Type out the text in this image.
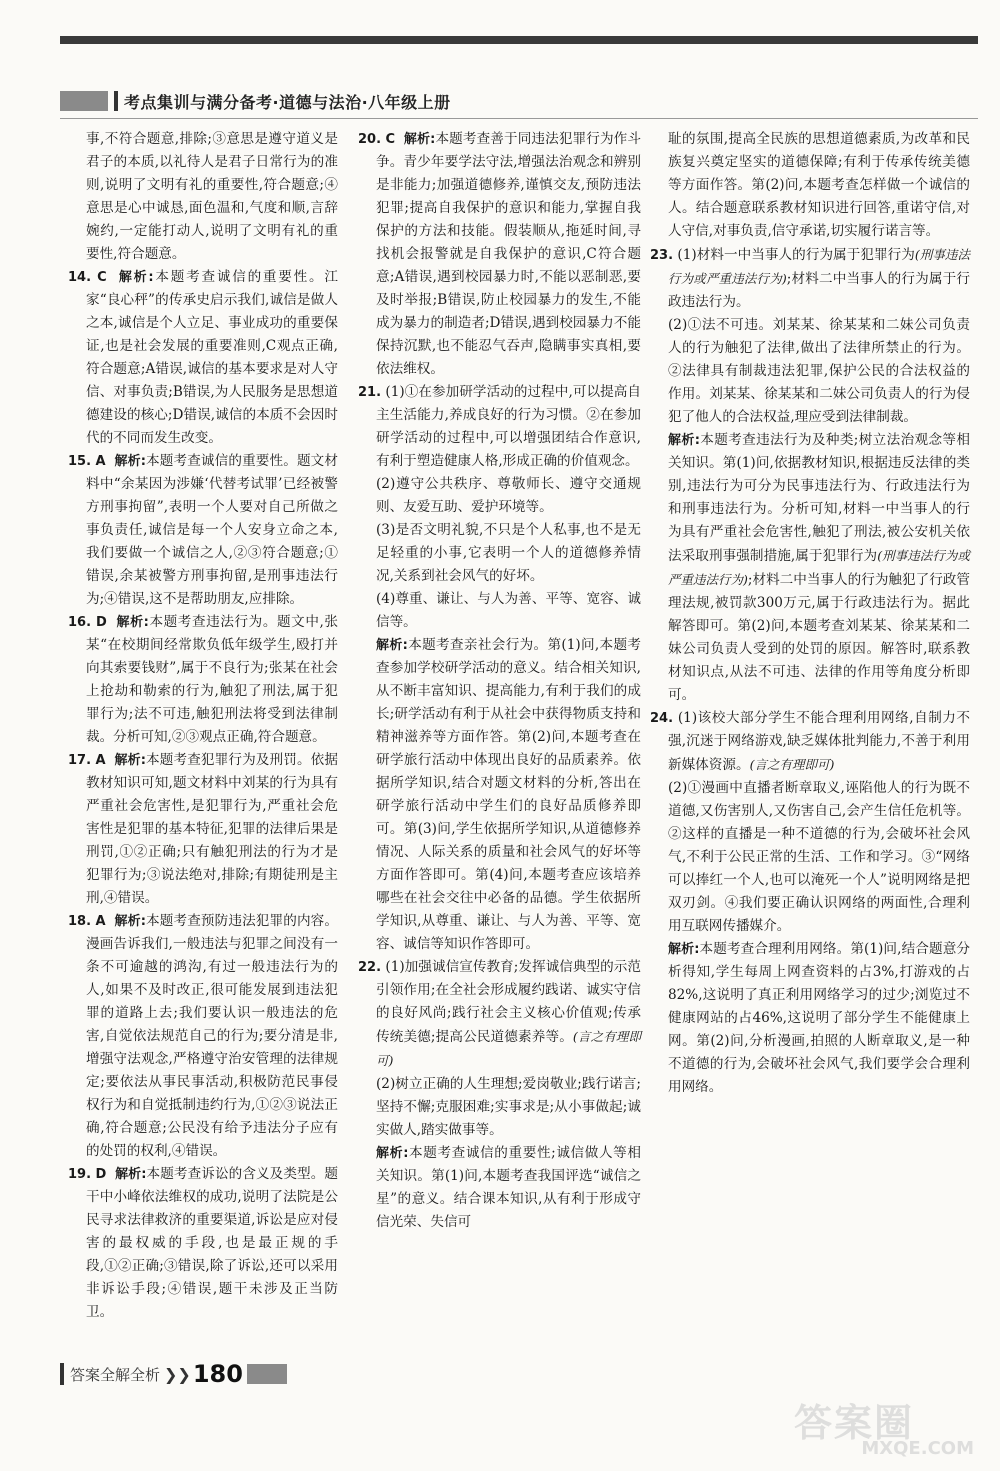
考点集训与满分备考·道德与法治·八年级上册

事,不符合题意,排除;③意思是遵守道义是君子的本质,以礼待人是君子日常行为的准则,说明了文明有礼的重要性,符合题意;④意思是心中诚恳,面色温和,气度和顺,言辞婉约,一定能打动人,说明了文明有礼的重要性,符合题意。

14. C 解析:本题考查诚信的重要性。江家“良心秤”的传承史启示我们,诚信是做人之本,诚信是个人立足、事业成功的重要保证,也是社会发展的重要准则,C观点正确,符合题意;A错误,诚信的基本要求是对人守信、对事负责;B错误,为人民服务是思想道德建设的核心;D错误,诚信的本质不会因时代的不同而发生改变。

15. A 解析:本题考查诚信的重要性。题文材料中“余某因为涉嫌‘代替考试罪’已经被警方刑事拘留”,表明一个人要对自己所做之事负责任,诚信是每一个人安身立命之本,我们要做一个诚信之人,②③符合题意;①错误,余某被警方刑事拘留,是刑事违法行为;④错误,这不是帮助朋友,应排除。

16. D 解析:本题考查违法行为。题文中,张某“在校期间经常欺负低年级学生,殴打并向其索要钱财”,属于不良行为;张某在社会上抢劫和勒索的行为,触犯了刑法,属于犯罪行为;法不可违,触犯刑法将受到法律制裁。分析可知,②③观点正确,符合题意。

17. A 解析:本题考查犯罪行为及刑罚。依据教材知识可知,题文材料中刘某的行为具有严重社会危害性,是犯罪行为,严重社会危害性是犯罪的基本特征,犯罪的法律后果是刑罚,①②正确;只有触犯刑法的行为才是犯罪行为;③说法绝对,排除;有期徒刑是主刑,④错误。

18. A 解析:本题考查预防违法犯罪的内容。漫画告诉我们,一般违法与犯罪之间没有一条不可逾越的鸿沟,有过一般违法行为的人,如果不及时改正,很可能发展到违法犯罪的道路上去;我们要认识一般违法的危害,自觉依法规范自己的行为;要分清是非,增强守法观念,严格遵守治安管理的法律规定;要依法从事民事活动,积极防范民事侵权行为和自觉抵制违约行为,①②③说法正确,符合题意;公民没有给予违法分子应有的处罚的权利,④错误。

19. D 解析:本题考查诉讼的含义及类型。题干中小峰依法维权的成功,说明了法院是公民寻求法律救济的重要渠道,诉讼是应对侵害的最权威的手段,也是最正规的手段,①②正确;③错误,除了诉讼,还可以采用非诉讼手段;④错误,题干未涉及正当防卫。

20. C 解析:本题考查善于同违法犯罪行为作斗争。青少年要学法守法,增强法治观念和辨别是非能力;加强道德修养,谨慎交友,预防违法犯罪;提高自我保护的意识和能力,掌握自我保护的方法和技能。假装顺从,拖延时间,寻找机会报警就是自我保护的意识,C符合题意;A错误,遇到校园暴力时,不能以恶制恶,要及时举报;B错误,防止校园暴力的发生,不能成为暴力的制造者;D错误,遇到校园暴力不能保持沉默,也不能忍气吞声,隐瞒事实真相,要依法维权。

21. (1)①在参加研学活动的过程中,可以提高自主生活能力,养成良好的行为习惯。②在参加研学活动的过程中,可以增强团结合作意识,有利于塑造健康人格,形成正确的价值观念。

(2)遵守公共秩序、尊敬师长、遵守交通规则、友爱互助、爱护环境等。

(3)是否文明礼貌,不只是个人私事,也不是无足轻重的小事,它表明一个人的道德修养情况,关系到社会风气的好坏。

(4)尊重、谦让、与人为善、平等、宽容、诚信等。

解析:本题考查亲社会行为。第(1)问,本题考查参加学校研学活动的意义。结合相关知识,从不断丰富知识、提高能力,有利于我们的成长;研学活动有利于从社会中获得物质支持和精神滋养等方面作答。第(2)问,本题考查在研学旅行活动中体现出良好的品质素养。依据所学知识,结合对题文材料的分析,答出在研学旅行活动中学生们的良好品质修养即可。第(3)问,学生依据所学知识,从道德修养情况、人际关系的质量和社会风气的好坏等方面作答即可。第(4)问,本题考查应该培养哪些在社会交往中必备的品德。学生依据所学知识,从尊重、谦让、与人为善、平等、宽容、诚信等知识作答即可。

22. (1)加强诚信宣传教育;发挥诚信典型的示范引领作用;在全社会形成履约践诺、诚实守信的良好风尚;践行社会主义核心价值观;传承传统美德;提高公民道德素养等。(言之有理即可)

(2)树立正确的人生理想;爱岗敬业;践行诺言;坚持不懈;克服困难;实事求是;从小事做起;诚实做人,踏实做事等。

解析:本题考查诚信的重要性;诚信做人等相关知识。第(1)问,本题考查我国评选“诚信之星”的意义。结合课本知识,从有利于形成守信光荣、失信可

耻的氛围,提高全民族的思想道德素质,为改革和民族复兴奠定坚实的道德保障;有利于传承传统美德等方面作答。第(2)问,本题考查怎样做一个诚信的人。结合题意联系教材知识进行回答,重诺守信,对人守信,对事负责,信守承诺,切实履行诺言等。

23. (1)材料一中当事人的行为属于犯罪行为(刑事违法行为或严重违法行为);材料二中当事人的行为属于行政违法行为。

(2)①法不可违。刘某某、徐某某和二妹公司负责人的行为触犯了法律,做出了法律所禁止的行为。②法律具有制裁违法犯罪,保护公民的合法权益的作用。刘某某、徐某某和二妹公司负责人的行为侵犯了他人的合法权益,理应受到法律制裁。

解析:本题考查违法行为及种类;树立法治观念等相关知识。第(1)问,依据教材知识,根据违反法律的类别,违法行为可分为民事违法行为、行政违法行为和刑事违法行为。分析可知,材料一中当事人的行为具有严重社会危害性,触犯了刑法,被公安机关依法采取刑事强制措施,属于犯罪行为(刑事违法行为或严重违法行为);材料二中当事人的行为触犯了行政管理法规,被罚款300万元,属于行政违法行为。据此解答即可。第(2)问,本题考查刘某某、徐某某和二妹公司负责人受到的处罚的原因。解答时,联系教材知识点,从法不可违、法律的作用等角度分析即可。

24. (1)该校大部分学生不能合理利用网络,自制力不强,沉迷于网络游戏,缺乏媒体批判能力,不善于利用新媒体资源。(言之有理即可)

(2)①漫画中直播者断章取义,诬陷他人的行为既不道德,又伤害别人,又伤害自己,会产生信任危机等。②这样的直播是一种不道德的行为,会破坏社会风气,不利于公民正常的生活、工作和学习。③“网络可以捧红一个人,也可以淹死一个人”说明网络是把双刃剑。④我们要正确认识网络的两面性,合理利用互联网传播媒介。

解析:本题考查合理利用网络。第(1)问,结合题意分析得知,学生每周上网查资料的占3%,打游戏的占82%,这说明了真正利用网络学习的过少;浏览过不健康网站的占46%,这说明了部分学生不能健康上网。第(2)问,分析漫画,拍照的人断章取义,是一种不道德的行为,会破坏社会风气,我们要学会合理利用网络。

答案全解全析 ❯❯ 180
答案圈
MXQE.COM
